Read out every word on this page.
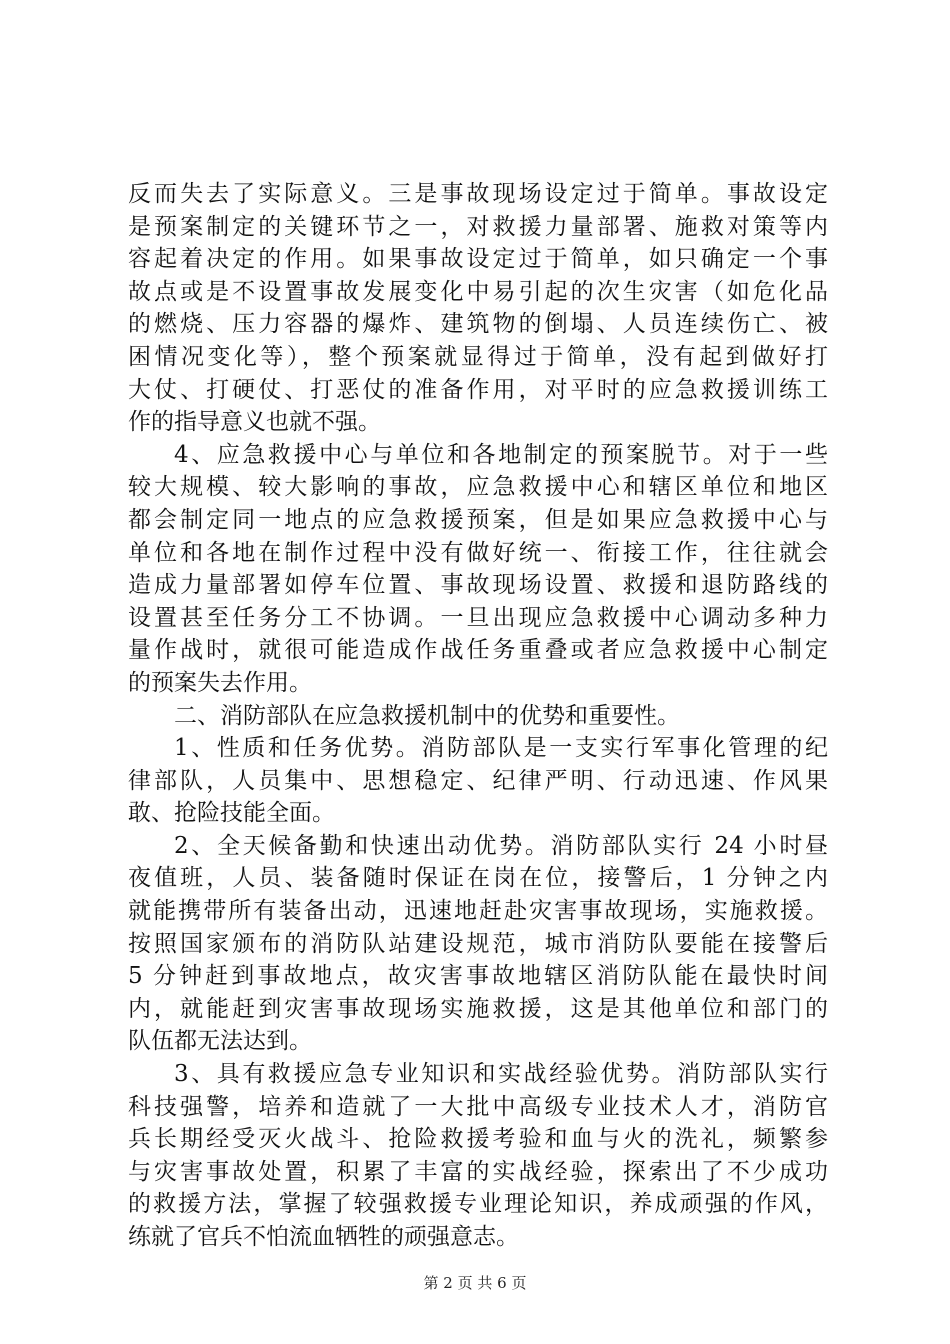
反而失去了实际意义。三是事故现场设定过于简单。事故设定
是预案制定的关键环节之一，对救援力量部署、施救对策等内
容起着决定的作用。如果事故设定过于简单，如只确定一个事
故点或是不设置事故发展变化中易引起的次生灾害（如危化品
的燃烧、压力容器的爆炸、建筑物的倒塌、人员连续伤亡、被
困情况变化等），整个预案就显得过于简单，没有起到做好打
大仗、打硬仗、打恶仗的准备作用，对平时的应急救援训练工
作的指导意义也就不强。
4、应急救援中心与单位和各地制定的预案脱节。对于一些
较大规模、较大影响的事故，应急救援中心和辖区单位和地区
都会制定同一地点的应急救援预案，但是如果应急救援中心与
单位和各地在制作过程中没有做好统一、衔接工作，往往就会
造成力量部署如停车位置、事故现场设置、救援和退防路线的
设置甚至任务分工不协调。一旦出现应急救援中心调动多种力
量作战时，就很可能造成作战任务重叠或者应急救援中心制定
的预案失去作用。
二、消防部队在应急救援机制中的优势和重要性。
1、性质和任务优势。消防部队是一支实行军事化管理的纪
律部队，人员集中、思想稳定、纪律严明、行动迅速、作风果
敢、抢险技能全面。
2、全天候备勤和快速出动优势。消防部队实行 24 小时昼
夜值班，人员、装备随时保证在岗在位，接警后，1 分钟之内
就能携带所有装备出动，迅速地赶赴灾害事故现场，实施救援。
按照国家颁布的消防队站建设规范，城市消防队要能在接警后
5 分钟赶到事故地点，故灾害事故地辖区消防队能在最快时间
内，就能赶到灾害事故现场实施救援，这是其他单位和部门的
队伍都无法达到。
3、具有救援应急专业知识和实战经验优势。消防部队实行
科技强警，培养和造就了一大批中高级专业技术人才，消防官
兵长期经受灭火战斗、抢险救援考验和血与火的洗礼，频繁参
与灾害事故处置，积累了丰富的实战经验，探索出了不少成功
的救援方法，掌握了较强救援专业理论知识，养成顽强的作风，
练就了官兵不怕流血牺牲的顽强意志。
第 2 页 共 6 页
